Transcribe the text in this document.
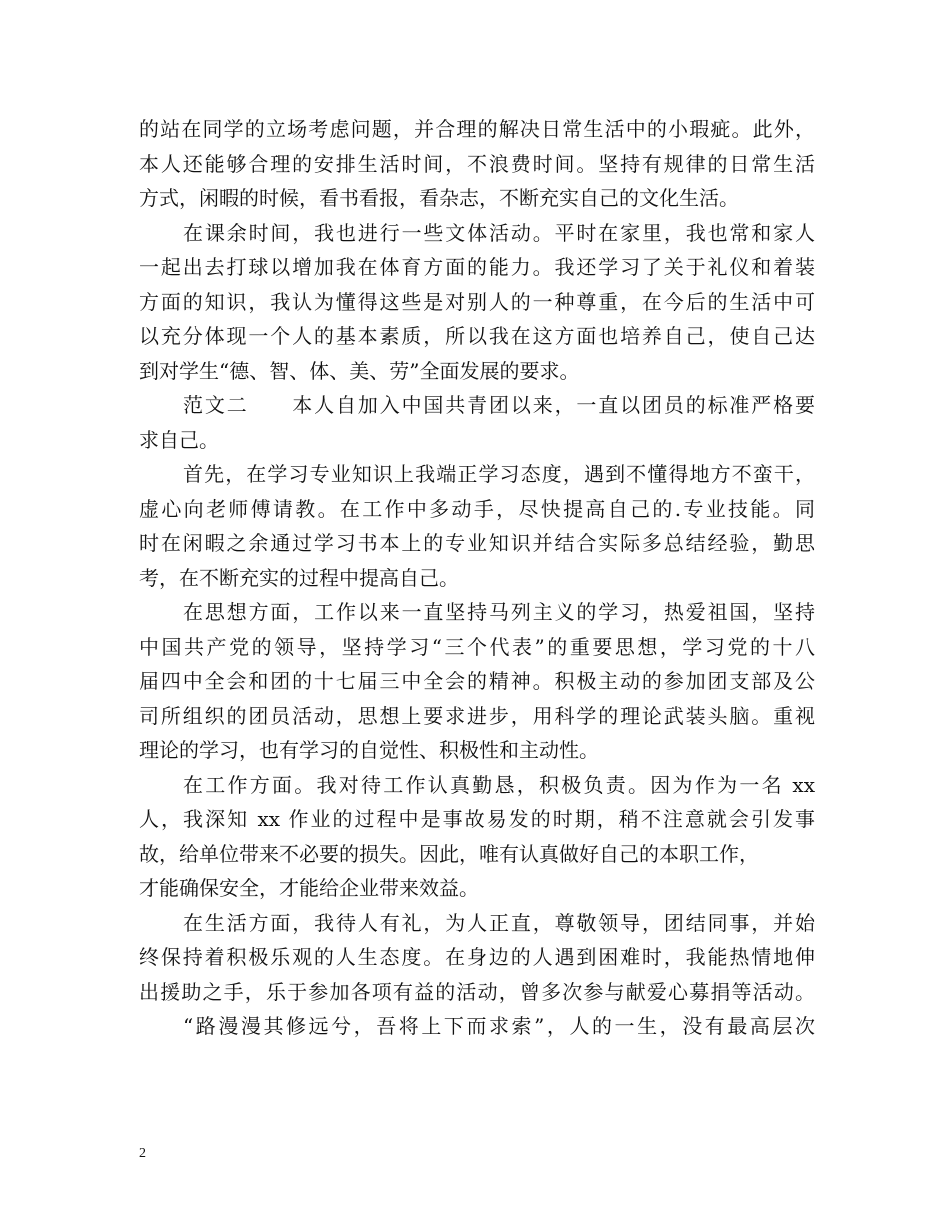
的站在同学的立场考虑问题，并合理的解决日常生活中的小瑕疵。此外，
本人还能够合理的安排生活时间，不浪费时间。坚持有规律的日常生活
方式，闲暇的时候，看书看报，看杂志，不断充实自己的文化生活。
在课余时间，我也进行一些文体活动。平时在家里，我也常和家人
一起出去打球以增加我在体育方面的能力。我还学习了关于礼仪和着装
方面的知识，我认为懂得这些是对别人的一种尊重，在今后的生活中可
以充分体现一个人的基本素质，所以我在这方面也培养自己，使自己达
到对学生“德、智、体、美、劳”全面发展的要求。
范文二　　本人自加入中国共青团以来，一直以团员的标准严格要
求自己。
首先，在学习专业知识上我端正学习态度，遇到不懂得地方不蛮干，
虚心向老师傅请教。在工作中多动手，尽快提高自己的.专业技能。同
时在闲暇之余通过学习书本上的专业知识并结合实际多总结经验，勤思
考，在不断充实的过程中提高自己。
在思想方面，工作以来一直坚持马列主义的学习，热爱祖国，坚持
中国共产党的领导，坚持学习“三个代表”的重要思想，学习党的十八
届四中全会和团的十七届三中全会的精神。积极主动的参加团支部及公
司所组织的团员活动，思想上要求进步，用科学的理论武装头脑。重视
理论的学习，也有学习的自觉性、积极性和主动性。
在工作方面。我对待工作认真勤恳，积极负责。因为作为一名 xx
人，我深知 xx 作业的过程中是事故易发的时期，稍不注意就会引发事
故，给单位带来不必要的损失。因此，唯有认真做好自己的本职工作，
才能确保安全，才能给企业带来效益。
在生活方面，我待人有礼，为人正直，尊敬领导，团结同事，并始
终保持着积极乐观的人生态度。在身边的人遇到困难时，我能热情地伸
出援助之手，乐于参加各项有益的活动，曾多次参与献爱心募捐等活动。
“路漫漫其修远兮，吾将上下而求索”，人的一生，没有最高层次
2
